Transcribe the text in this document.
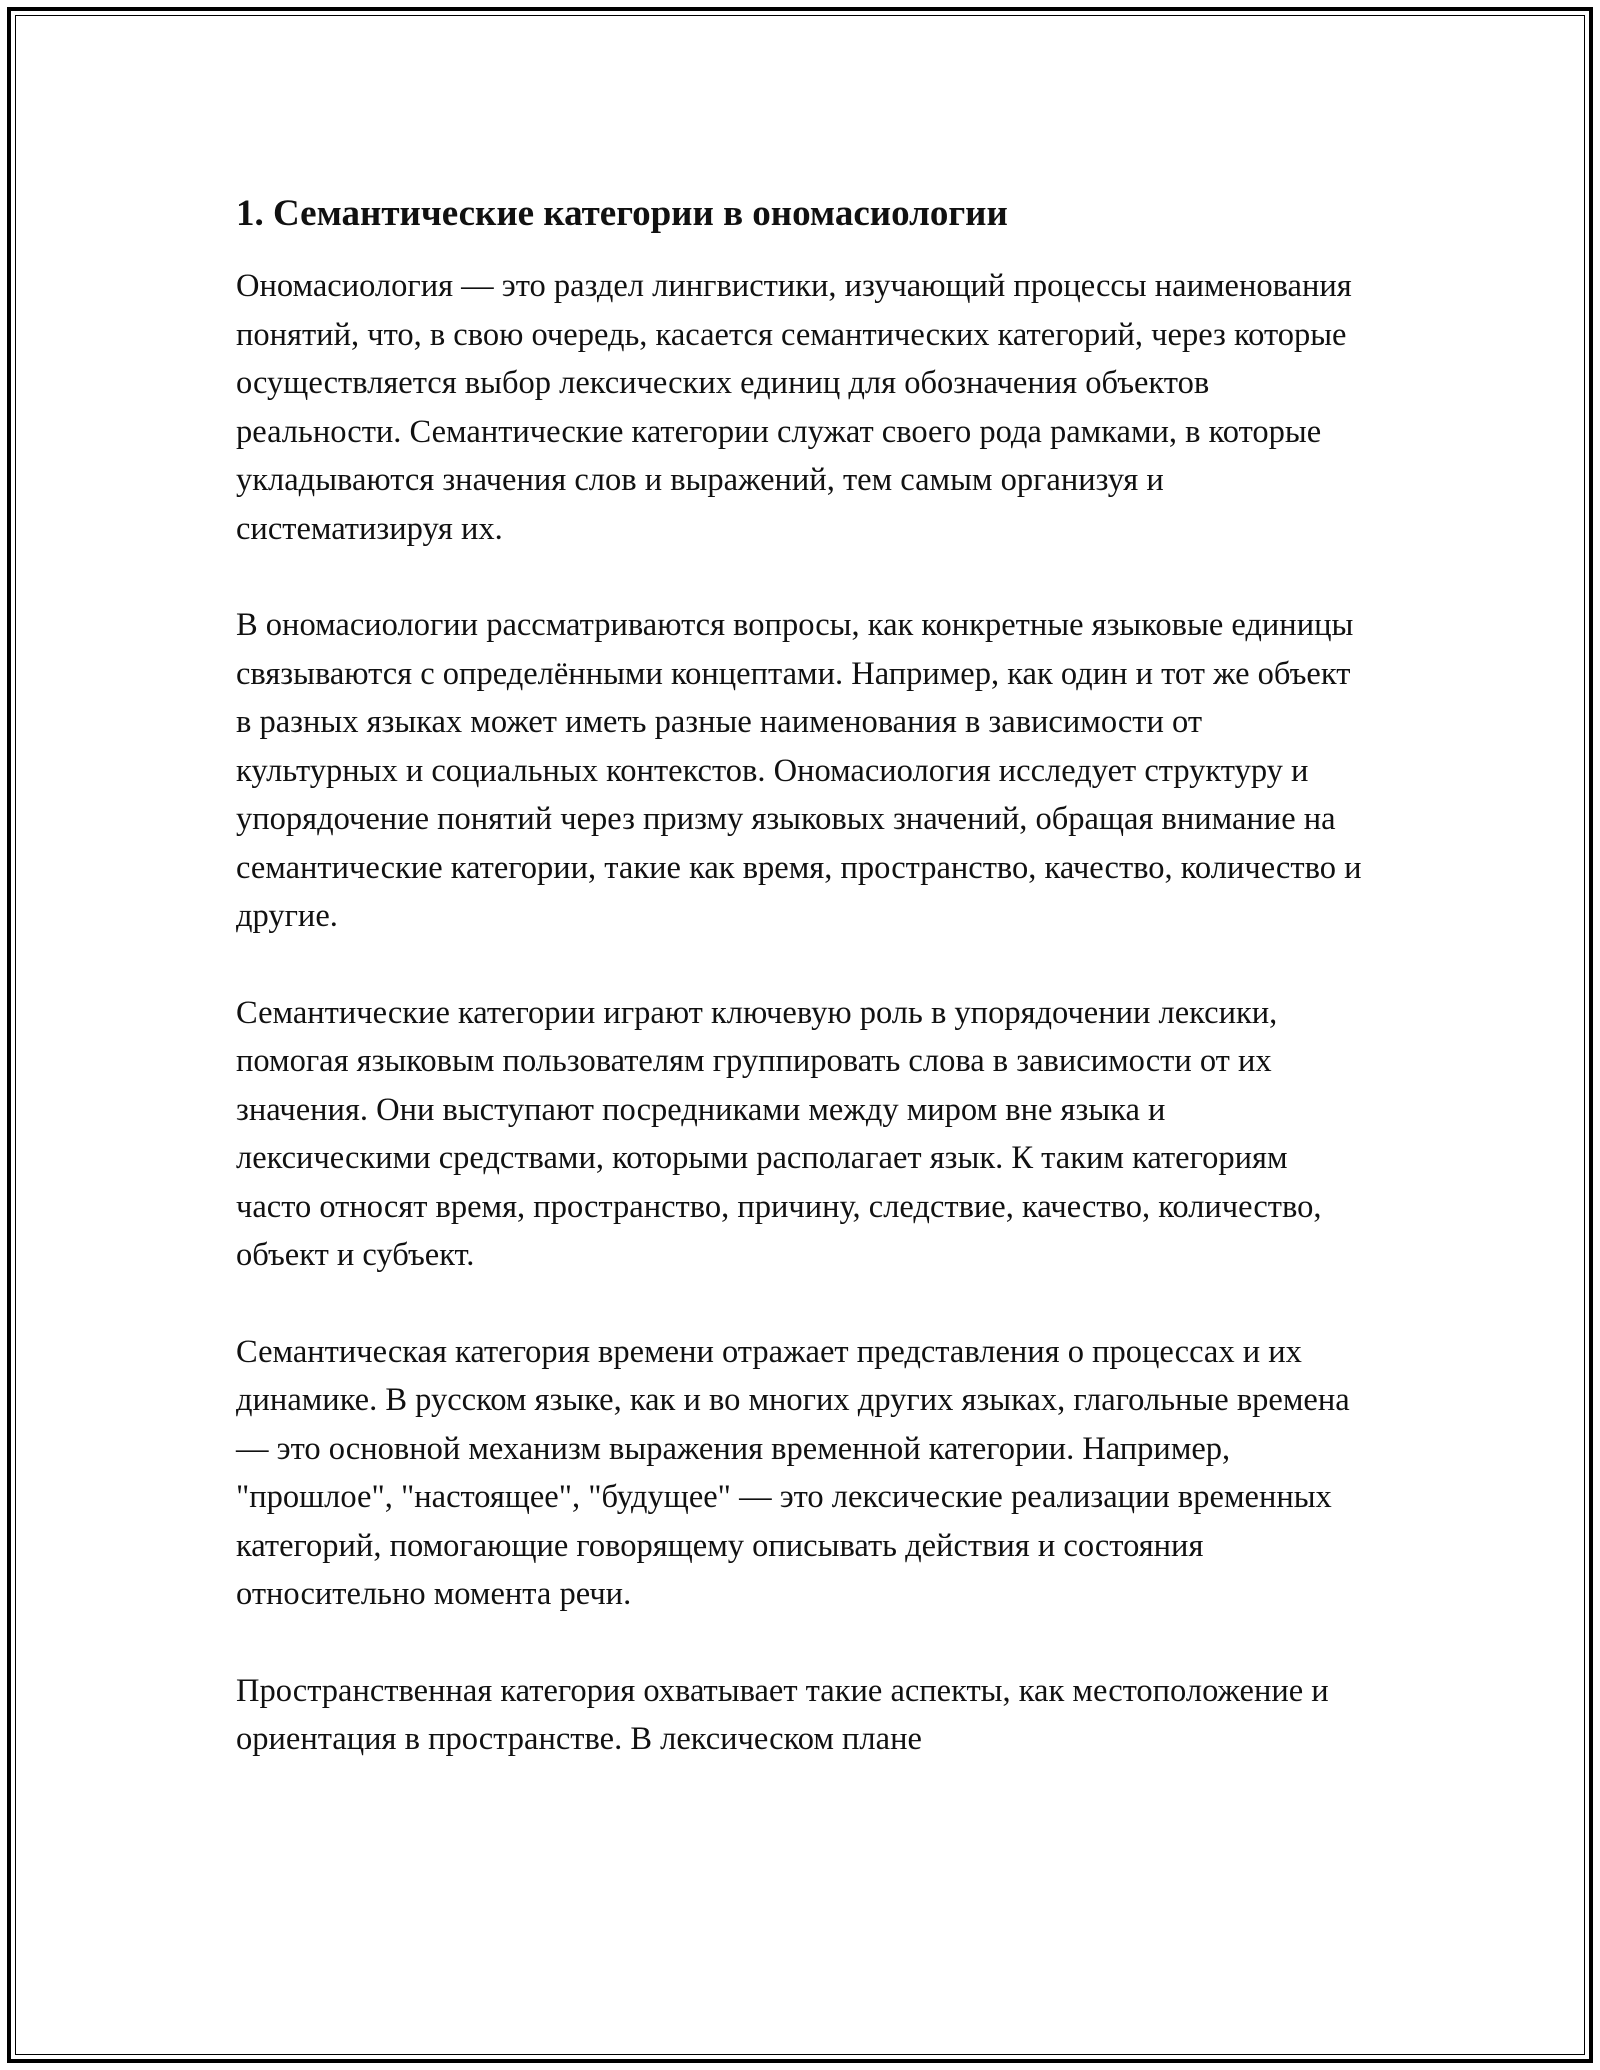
1. Семантические категории в ономасиологии

Ономасиология — это раздел лингвистики, изучающий процессы наименования понятий, что, в свою очередь, касается семантических категорий, через которые осуществляется выбор лексических единиц для обозначения объектов реальности. Семантические категории служат своего рода рамками, в которые укладываются значения слов и выражений, тем самым организуя и систематизируя их.

В ономасиологии рассматриваются вопросы, как конкретные языковые единицы связываются с определёнными концептами. Например, как один и тот же объект в разных языках может иметь разные наименования в зависимости от культурных и социальных контекстов. Ономасиология исследует структуру и упорядочение понятий через призму языковых значений, обращая внимание на семантические категории, такие как время, пространство, качество, количество и другие.

Семантические категории играют ключевую роль в упорядочении лексики, помогая языковым пользователям группировать слова в зависимости от их значения. Они выступают посредниками между миром вне языка и лексическими средствами, которыми располагает язык. К таким категориям часто относят время, пространство, причину, следствие, качество, количество, объект и субъект.

Семантическая категория времени отражает представления о процессах и их динамике. В русском языке, как и во многих других языках, глагольные времена — это основной механизм выражения временной категории. Например, "прошлое", "настоящее", "будущее" — это лексические реализации временных категорий, помогающие говорящему описывать действия и состояния относительно момента речи.

Пространственная категория охватывает такие аспекты, как местоположение и ориентация в пространстве. В лексическом плане
